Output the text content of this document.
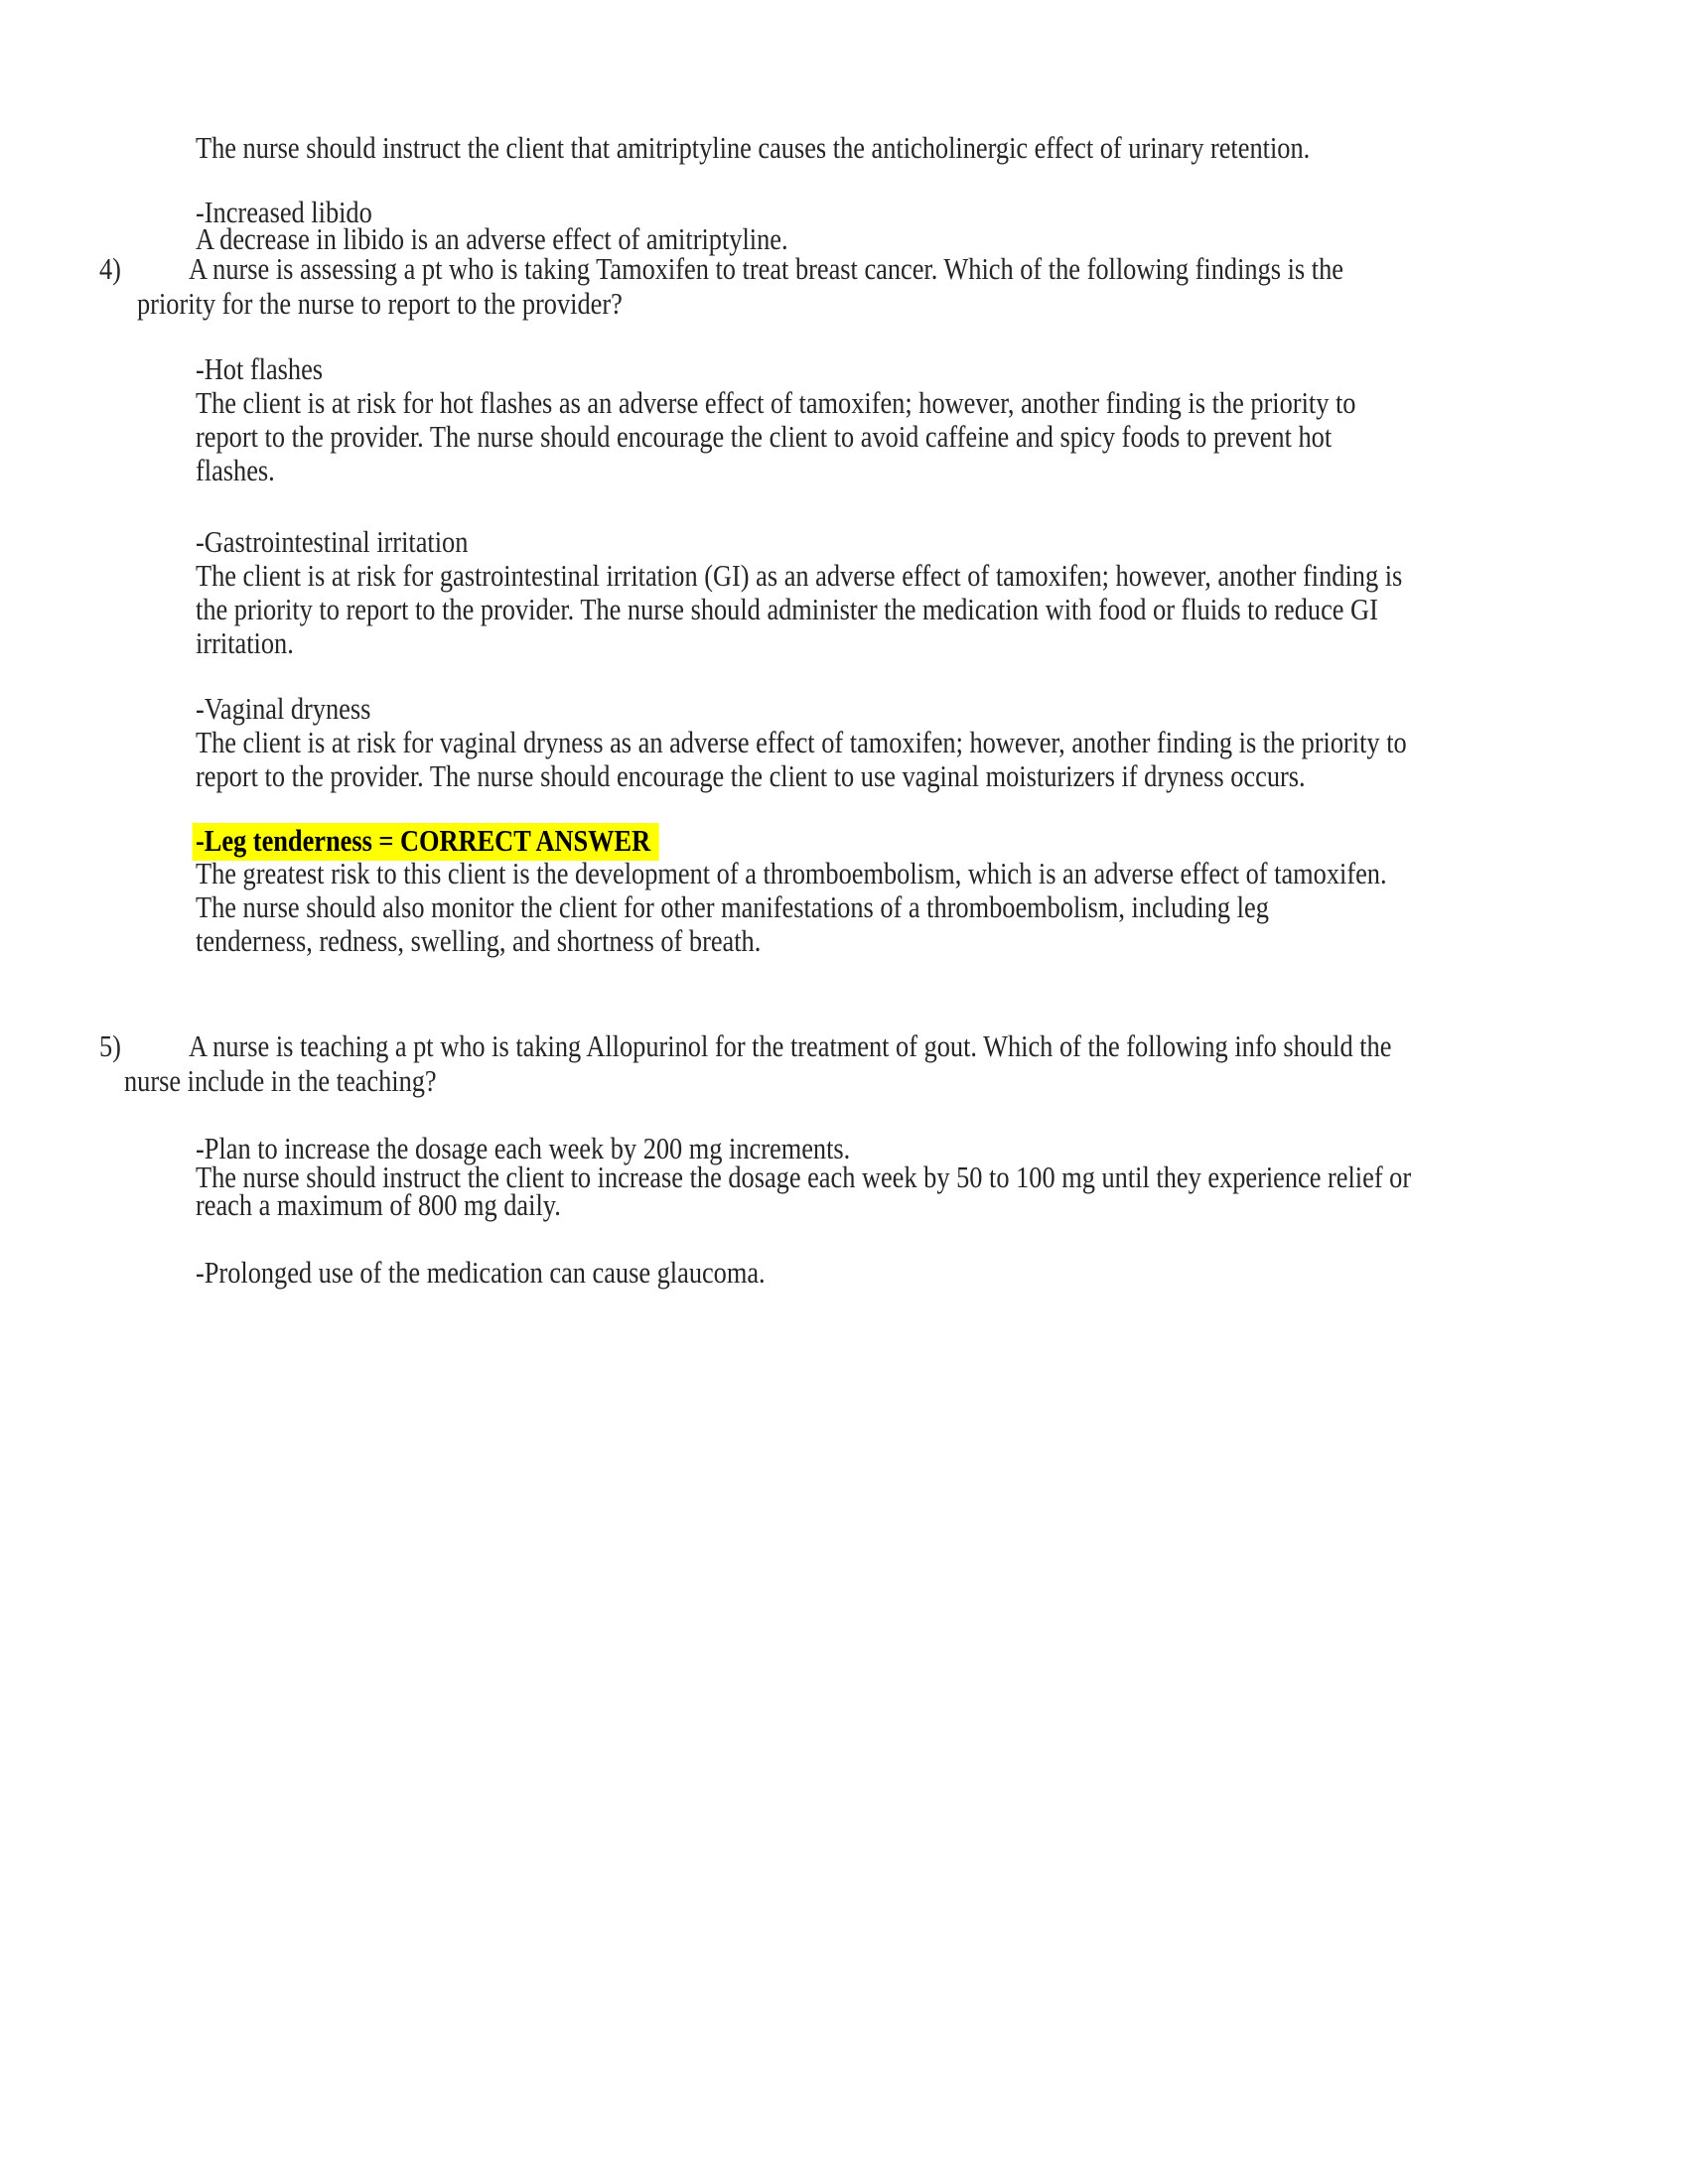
The nurse should instruct the client that amitriptyline causes the anticholinergic effect of urinary retention.
-Increased libido
A decrease in libido is an adverse effect of amitriptyline.
4) A nurse is assessing a pt who is taking Tamoxifen to treat breast cancer. Which of the following findings is the
priority for the nurse to report to the provider?
-Hot flashes
The client is at risk for hot flashes as an adverse effect of tamoxifen; however, another finding is the priority to
report to the provider. The nurse should encourage the client to avoid caffeine and spicy foods to prevent hot
flashes.
-Gastrointestinal irritation
The client is at risk for gastrointestinal irritation (GI) as an adverse effect of tamoxifen; however, another finding is
the priority to report to the provider. The nurse should administer the medication with food or fluids to reduce GI
irritation.
-Vaginal dryness
The client is at risk for vaginal dryness as an adverse effect of tamoxifen; however, another finding is the priority to
report to the provider. The nurse should encourage the client to use vaginal moisturizers if dryness occurs.
-Leg tenderness = CORRECT ANSWER
The greatest risk to this client is the development of a thromboembolism, which is an adverse effect of tamoxifen.
The nurse should also monitor the client for other manifestations of a thromboembolism, including leg
tenderness, redness, swelling, and shortness of breath.
5) A nurse is teaching a pt who is taking Allopurinol for the treatment of gout. Which of the following info should the
nurse include in the teaching?
-Plan to increase the dosage each week by 200 mg increments.
The nurse should instruct the client to increase the dosage each week by 50 to 100 mg until they experience relief or
reach a maximum of 800 mg daily.
-Prolonged use of the medication can cause glaucoma.
